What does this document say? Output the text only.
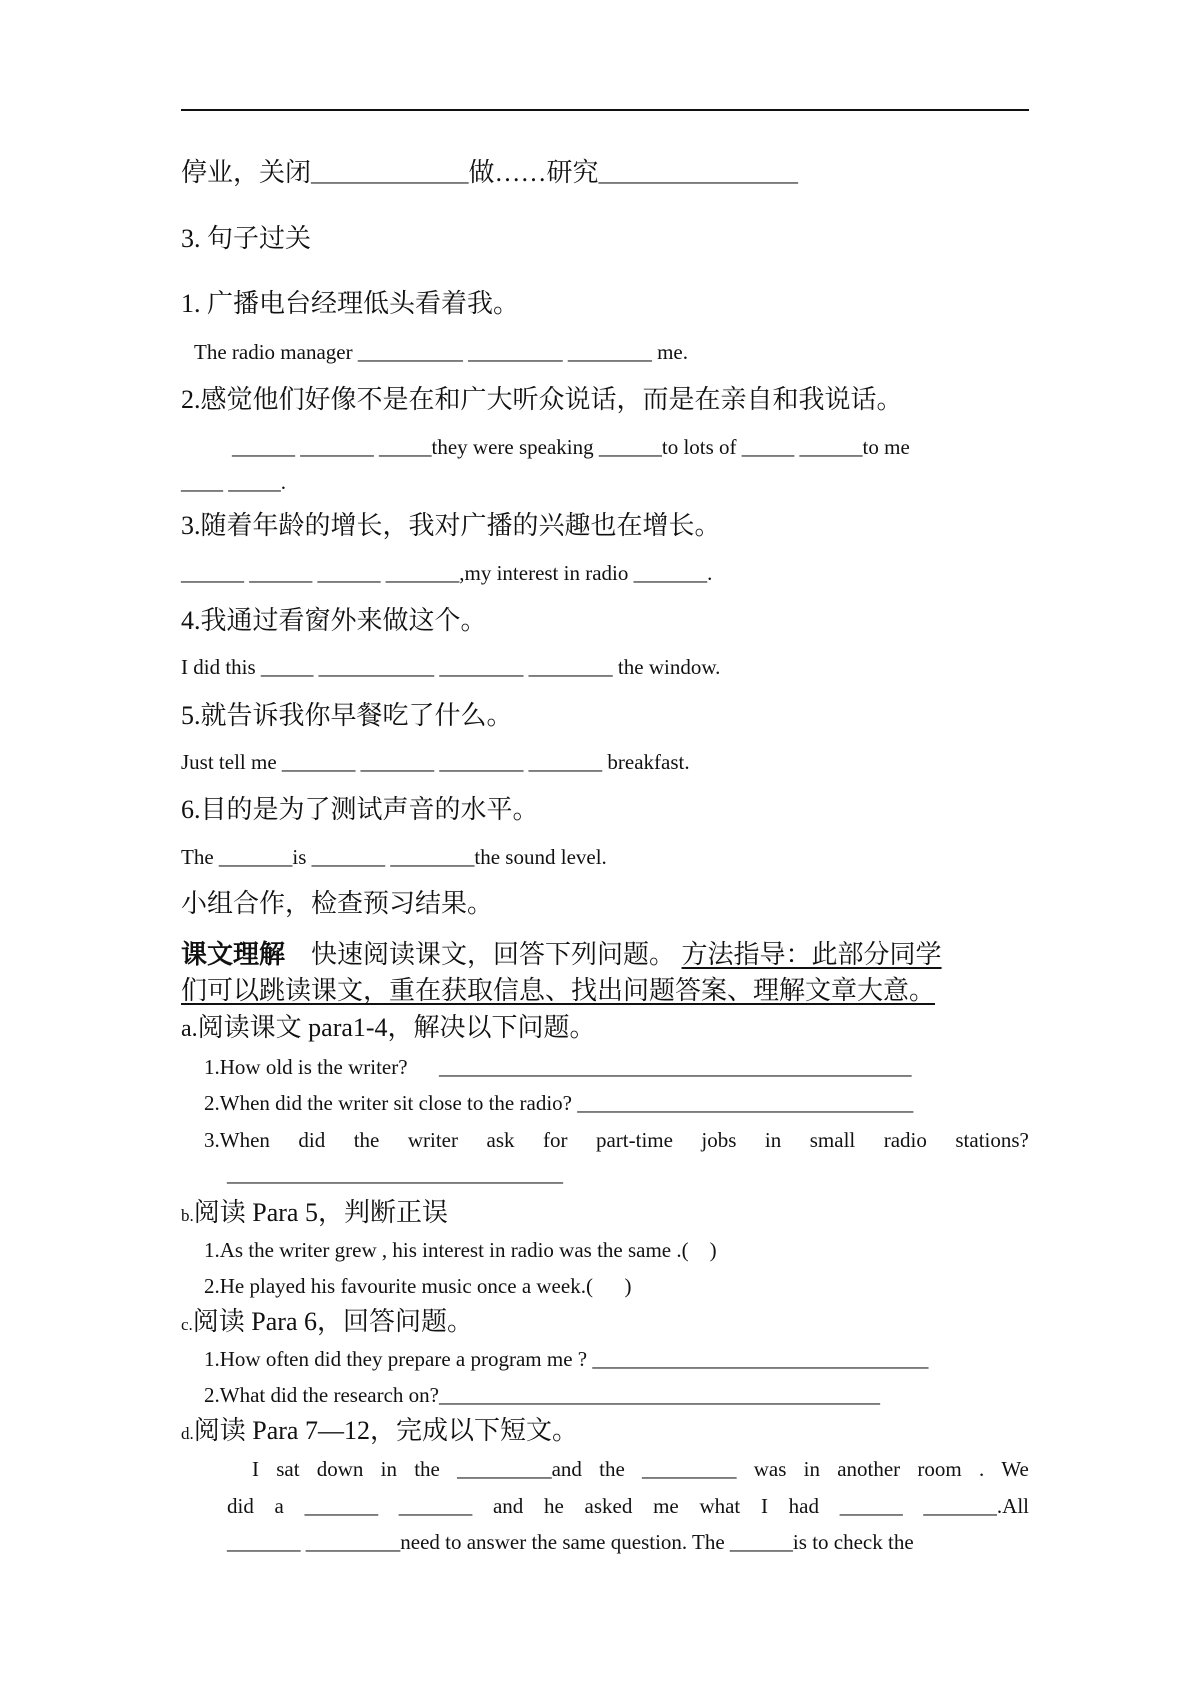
停业，关闭_______________做……研究___________________
3. 句子过关
1. 广播电台经理低头看着我。
The radio manager __________ _________ ________ me.
2.感觉他们好像不是在和广大听众说话，而是在亲自和我说话。
______ _______ _____they were speaking ______to lots of _____ ______to me
____ _____.
3.随着年龄的增长，我对广播的兴趣也在增长。
______ ______ ______ _______,my interest in radio _______.
4.我通过看窗外来做这个。
I did this _____ ___________ ________ ________ the window.
5.就告诉我你早餐吃了什么。
Just tell me _______ _______ ________ _______ breakfast.
6.目的是为了测试声音的水平。
The _______is _______ ________the sound level.
小组合作，检查预习结果。
课文理解 快速阅读课文，回答下列问题。 方法指导：此部分同学
们可以跳读课文，重在获取信息、找出问题答案、理解文章大意。
a.阅读课文 para1-4，解决以下问题。
1.How old is the writer? _____________________________________________
2.When did the writer sit close to the radio? ________________________________
3.When did the writer ask for part-time jobs in small radio stations?
________________________________
b.阅读 Para 5，判断正误
1.As the writer grew , his interest in radio was the same .(    )
2.He played his favourite music once a week.(      )
c.阅读 Para 6，回答问题。
1.How often did they prepare a program me ? ________________________________
2.What did the research on?__________________________________________
d.阅读 Para 7—12，完成以下短文。
I sat down in the _________and the _________ was in another room . We
did a _______ _______ and he asked me what I had ______ _______.All
_______ _________need to answer the same question. The ______is to check the
